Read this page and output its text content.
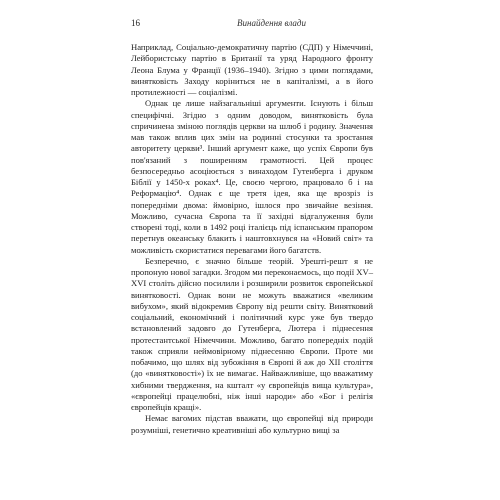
16	Винайдення влади

Наприклад, Соціально-демократичну партію (СДП) у Німеччині, Лейбористську партію в Британії та уряд Народного фронту Леона Блума у Франції (1936–1940). Згідно з цими поглядами, винятковість Заходу коріниться не в капіталізмі, а в його протилежності — соціалізмі.

Однак це лише найзагальніші аргументи. Існують і більш специфічні. Згідно з одним доводом, винятковість була спричинена зміною поглядів церкви на шлюб і родину. Значення мав також вплив цих змін на родинні стосунки та зростання авторитету церкви³. Інший аргумент каже, що успіх Європи був пов'язаний з поширенням грамотності. Цей процес безпосередньо асоціюється з винаходом Гутенберга і друком Біблії у 1450-х роках⁴. Це, своєю чергою, працювало б і на Реформацію⁴. Однак є ще третя ідея, яка ще врозріз із попередніми двома: ймовірно, ішлося про звичайне везіння. Можливо, сучасна Європа та її західні відгалуження були створені тоді, коли в 1492 році італієць під іспанським прапором перетнув океанську блакить і наштовхнувся на «Новий світ» та можливість скористатися перевагами його багатств.

Безперечно, є значно більше теорій. Урешті-решт я не пропоную нової загадки. Згодом ми переконаємось, що події XV–XVI століть дійсно посилили і розширили розвиток європейської винятковості. Однак вони не можуть вважатися «великим вибухом», який відокремив Європу від решти світу. Винятковий соціальний, економічний і політичний курс уже був твердо встановлений задовго до Гутенберга, Лютера і піднесення протестантської Німеччини. Можливо, багато попередніх подій також сприяли неймовірному піднесенню Європи. Проте ми побачимо, що шлях від зубожіння в Європі й аж до XII століття (до «винятковості») їх не вимагає. Найважливіше, що вважатиму хибними твердження, на кшталт «у європейців вища культура», «європейці працелюбні, ніж інші народи» або «Бог і релігія європейців кращі».

Немає вагомих підстав вважати, що європейці від природи розумніші, генетично креативніші або культурно вищі за
